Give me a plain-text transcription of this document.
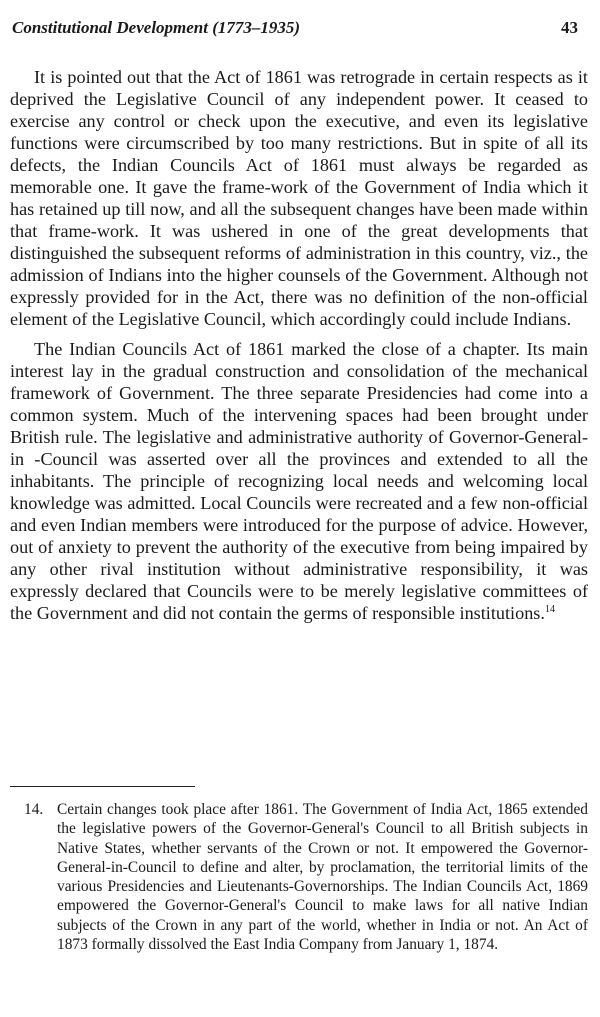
Constitutional Development (1773–1935)	43

It is pointed out that the Act of 1861 was retrograde in certain respects as it deprived the Legislative Council of any independent power. It ceased to exercise any control or check upon the executive, and even its legislative functions were circumscribed by too many restrictions. But in spite of all its defects, the Indian Councils Act of 1861 must always be regarded as memorable one. It gave the frame-work of the Government of India which it has retained up till now, and all the subsequent changes have been made within that frame-work. It was ushered in one of the great developments that distinguished the subsequent reforms of administration in this country, viz., the admission of Indians into the higher counsels of the Government. Although not expressly provided for in the Act, there was no definition of the non-official element of the Legislative Council, which accordingly could include Indians.

The Indian Councils Act of 1861 marked the close of a chapter. Its main interest lay in the gradual construction and consolidation of the mechanical framework of Government. The three separate Presidencies had come into a common system. Much of the intervening spaces had been brought under British rule. The legislative and administrative authority of Governor-General-in -Council was asserted over all the provinces and extended to all the inhabitants. The principle of recognizing local needs and welcoming local knowledge was admitted. Local Councils were recreated and a few non-official and even Indian members were introduced for the purpose of advice. However, out of anxiety to prevent the authority of the executive from being impaired by any other rival institution without administrative responsibility, it was expressly declared that Councils were to be merely legislative committees of the Government and did not contain the germs of responsible institutions.$^{14}$

14. Certain changes took place after 1861. The Government of India Act, 1865 extended the legislative powers of the Governor-General's Council to all British subjects in Native States, whether servants of the Crown or not. It empowered the Governor-General-in-Council to define and alter, by proclamation, the territorial limits of the various Presidencies and Lieutenants-Governorships. The Indian Councils Act, 1869 empowered the Governor-General's Council to make laws for all native Indian subjects of the Crown in any part of the world, whether in India or not. An Act of 1873 formally dissolved the East India Company from January 1, 1874.
